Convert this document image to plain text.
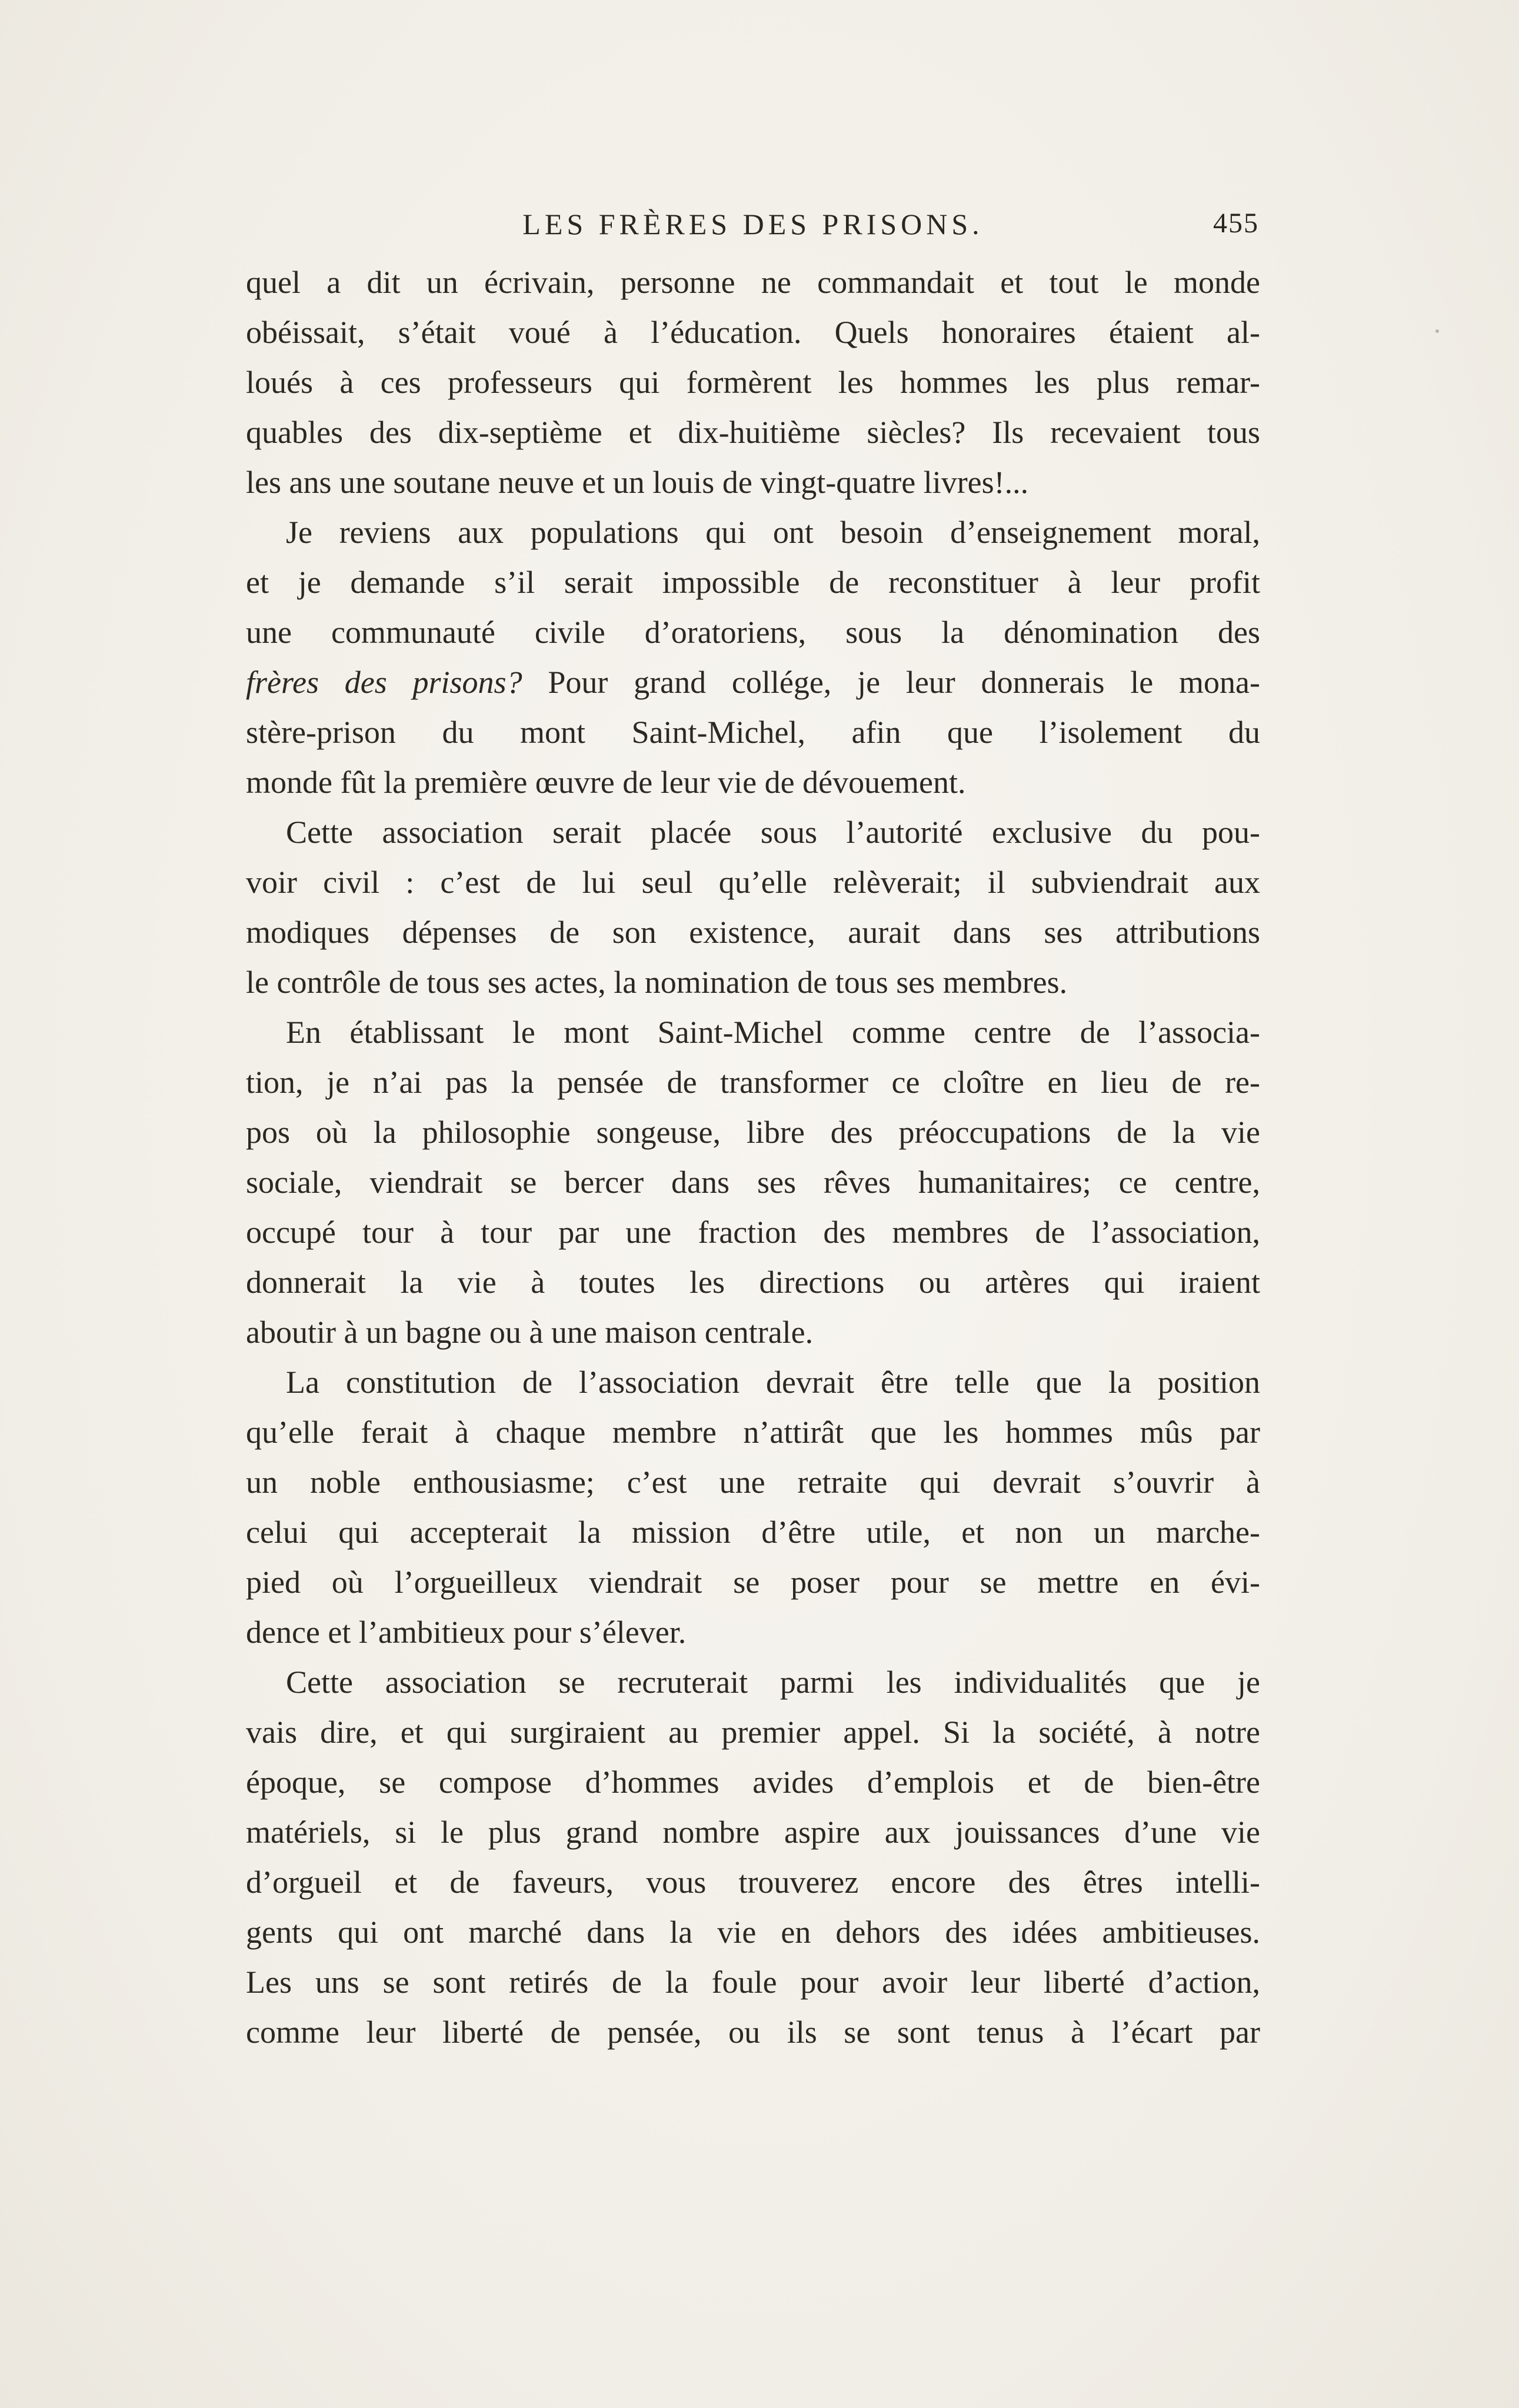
LES FRÈRES DES PRISONS.	455
quel a dit un écrivain, personne ne commandait et tout le monde
obéissait, s’était voué à l’éducation. Quels honoraires étaient al-
loués à ces professeurs qui formèrent les hommes les plus remar-
quables des dix-septième et dix-huitième siècles? Ils recevaient tous
les ans une soutane neuve et un louis de vingt-quatre livres!...
Je reviens aux populations qui ont besoin d’enseignement moral,
et je demande s’il serait impossible de reconstituer à leur profit
une communauté civile d’oratoriens, sous la dénomination des
frères des prisons? Pour grand collége, je leur donnerais le mona-
stère-prison du mont Saint-Michel, afin que l’isolement du
monde fût la première œuvre de leur vie de dévouement.
Cette association serait placée sous l’autorité exclusive du pou-
voir civil : c’est de lui seul qu’elle relèverait; il subviendrait aux
modiques dépenses de son existence, aurait dans ses attributions
le contrôle de tous ses actes, la nomination de tous ses membres.
En établissant le mont Saint-Michel comme centre de l’associa-
tion, je n’ai pas la pensée de transformer ce cloître en lieu de re-
pos où la philosophie songeuse, libre des préoccupations de la vie
sociale, viendrait se bercer dans ses rêves humanitaires; ce centre,
occupé tour à tour par une fraction des membres de l’association,
donnerait la vie à toutes les directions ou artères qui iraient
aboutir à un bagne ou à une maison centrale.
La constitution de l’association devrait être telle que la position
qu’elle ferait à chaque membre n’attirât que les hommes mûs par
un noble enthousiasme; c’est une retraite qui devrait s’ouvrir à
celui qui accepterait la mission d’être utile, et non un marche-
pied où l’orgueilleux viendrait se poser pour se mettre en évi-
dence et l’ambitieux pour s’élever.
Cette association se recruterait parmi les individualités que je
vais dire, et qui surgiraient au premier appel. Si la société, à notre
époque, se compose d’hommes avides d’emplois et de bien-être
matériels, si le plus grand nombre aspire aux jouissances d’une vie
d’orgueil et de faveurs, vous trouverez encore des êtres intelli-
gents qui ont marché dans la vie en dehors des idées ambitieuses.
Les uns se sont retirés de la foule pour avoir leur liberté d’action,
comme leur liberté de pensée, ou ils se sont tenus à l’écart par
